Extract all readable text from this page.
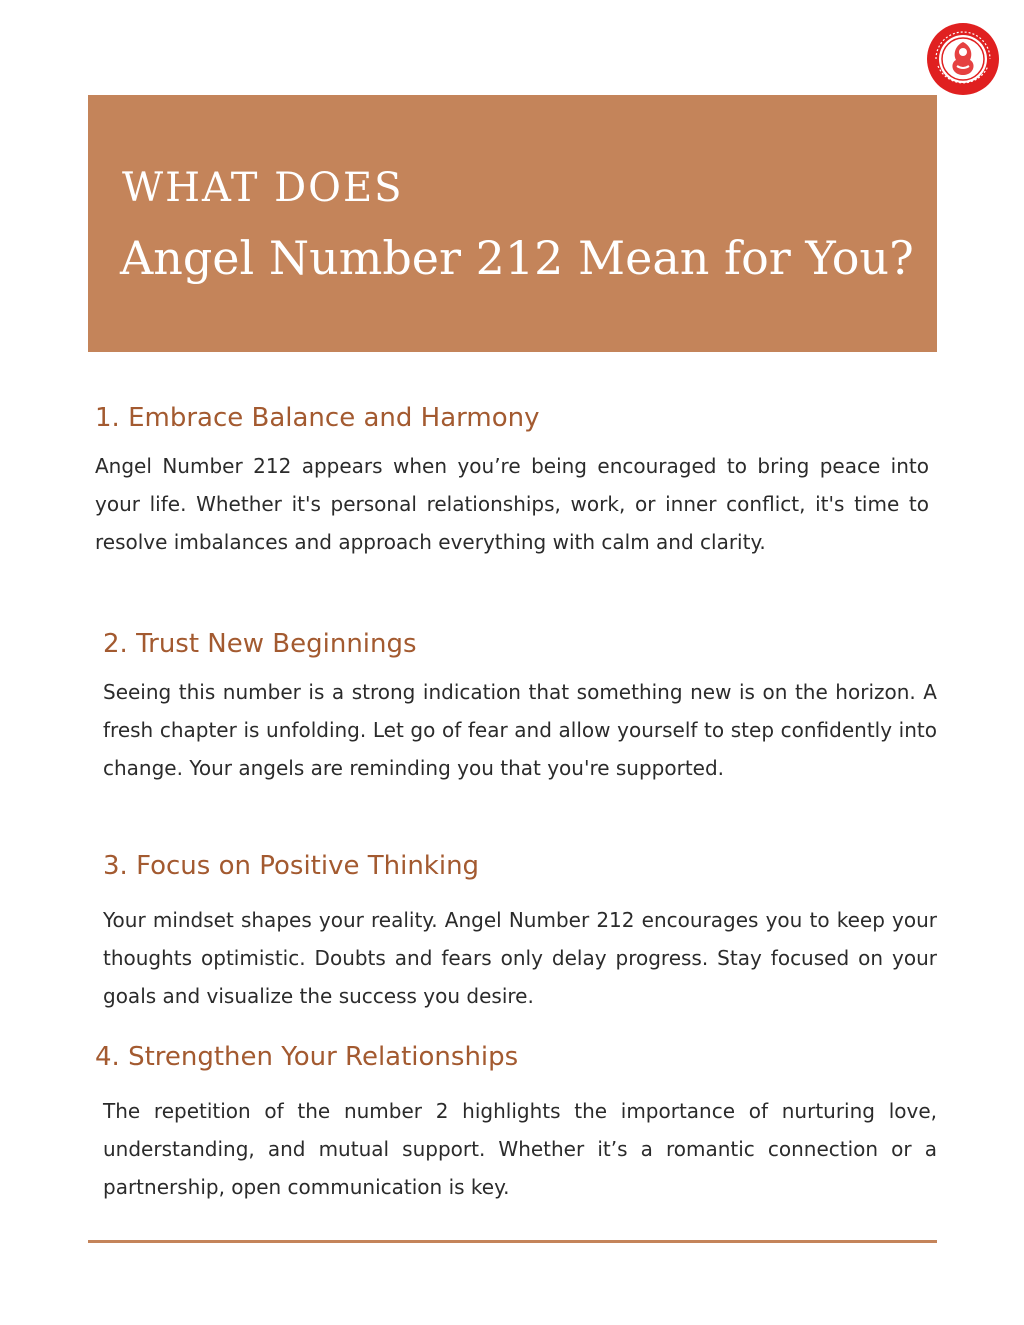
WHAT DOES
Angel Number 212 Mean for You?
1. Embrace Balance and Harmony

Angel Number 212 appears when you’re being encouraged to bring peace into your life. Whether it's personal relationships, work, or inner conflict, it's time to resolve imbalances and approach everything with calm and clarity.

2. Trust New Beginnings

Seeing this number is a strong indication that something new is on the horizon. A fresh chapter is unfolding. Let go of fear and allow yourself to step confidently into change. Your angels are reminding you that you're supported.

3. Focus on Positive Thinking

Your mindset shapes your reality. Angel Number 212 encourages you to keep your thoughts optimistic. Doubts and fears only delay progress. Stay focused on your goals and visualize the success you desire.

4. Strengthen Your Relationships

The repetition of the number 2 highlights the importance of nurturing love, understanding, and mutual support. Whether it’s a romantic connection or a partnership, open communication is key.
